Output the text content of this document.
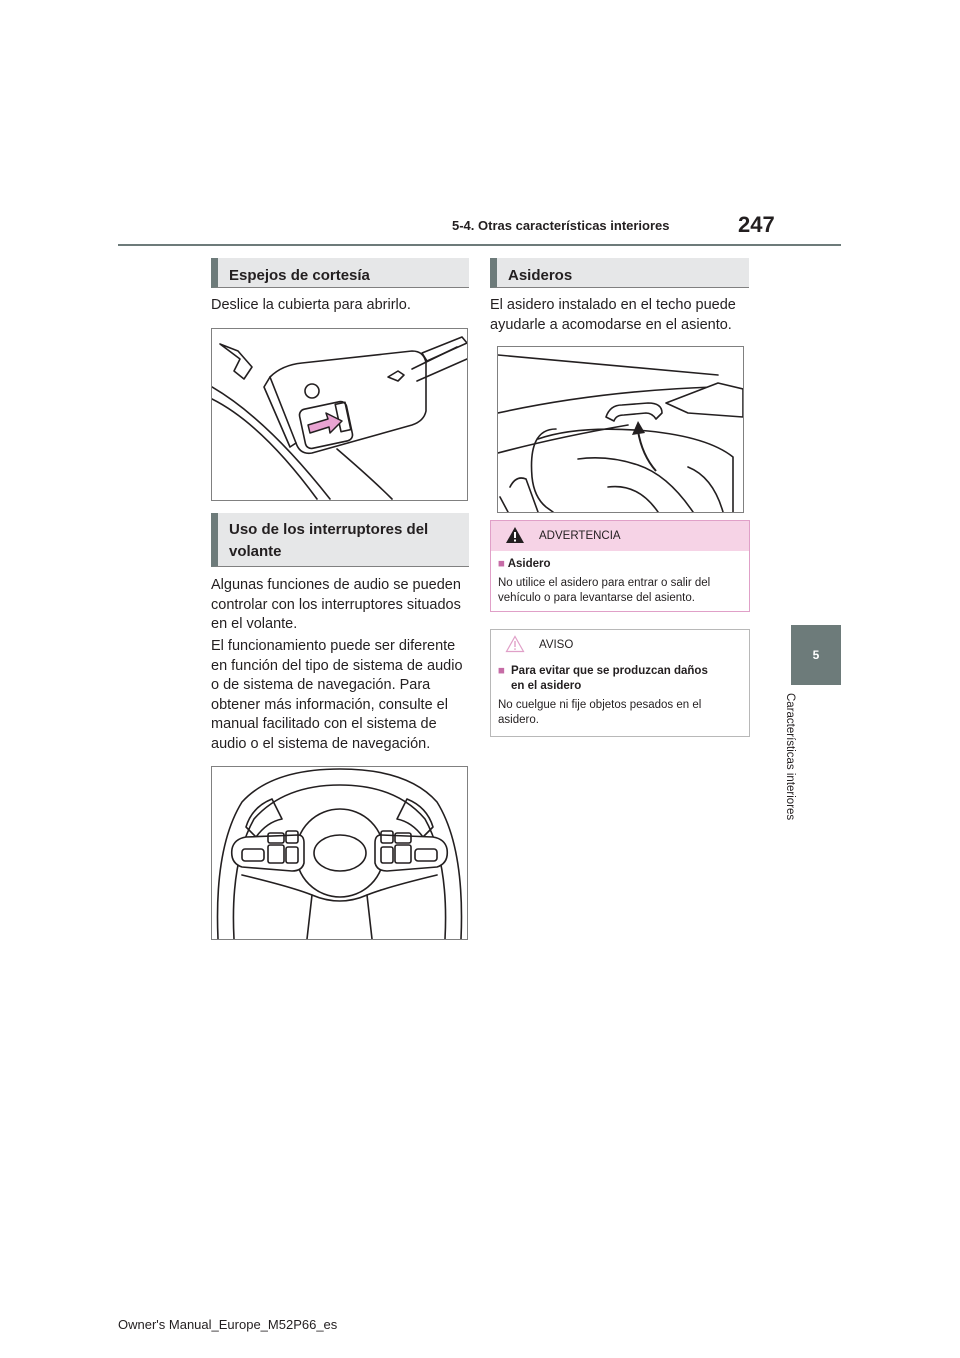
5-4. Otras características interiores	247
5
Características interiores
Espejos de cortesía
Deslice la cubierta para abrirlo.
Uso de los interruptores del
volante
Algunas funciones de audio se pueden
controlar con los interruptores situados
en el volante.
El funcionamiento puede ser diferente
en función del tipo de sistema de audio
o de sistema de navegación. Para
obtener más información, consulte el
manual facilitado con el sistema de
audio o el sistema de navegación.
Asideros
El asidero instalado en el techo puede
ayudarle a acomodarse en el asiento.
ADVERTENCIA
■ Asidero
No utilice el asidero para entrar o salir del
vehículo o para levantarse del asiento.
AVISO
■ Para evitar que se produzcan daños
en el asidero
No cuelgue ni fije objetos pesados en el
asidero.
Owner's Manual_Europe_M52P66_es
